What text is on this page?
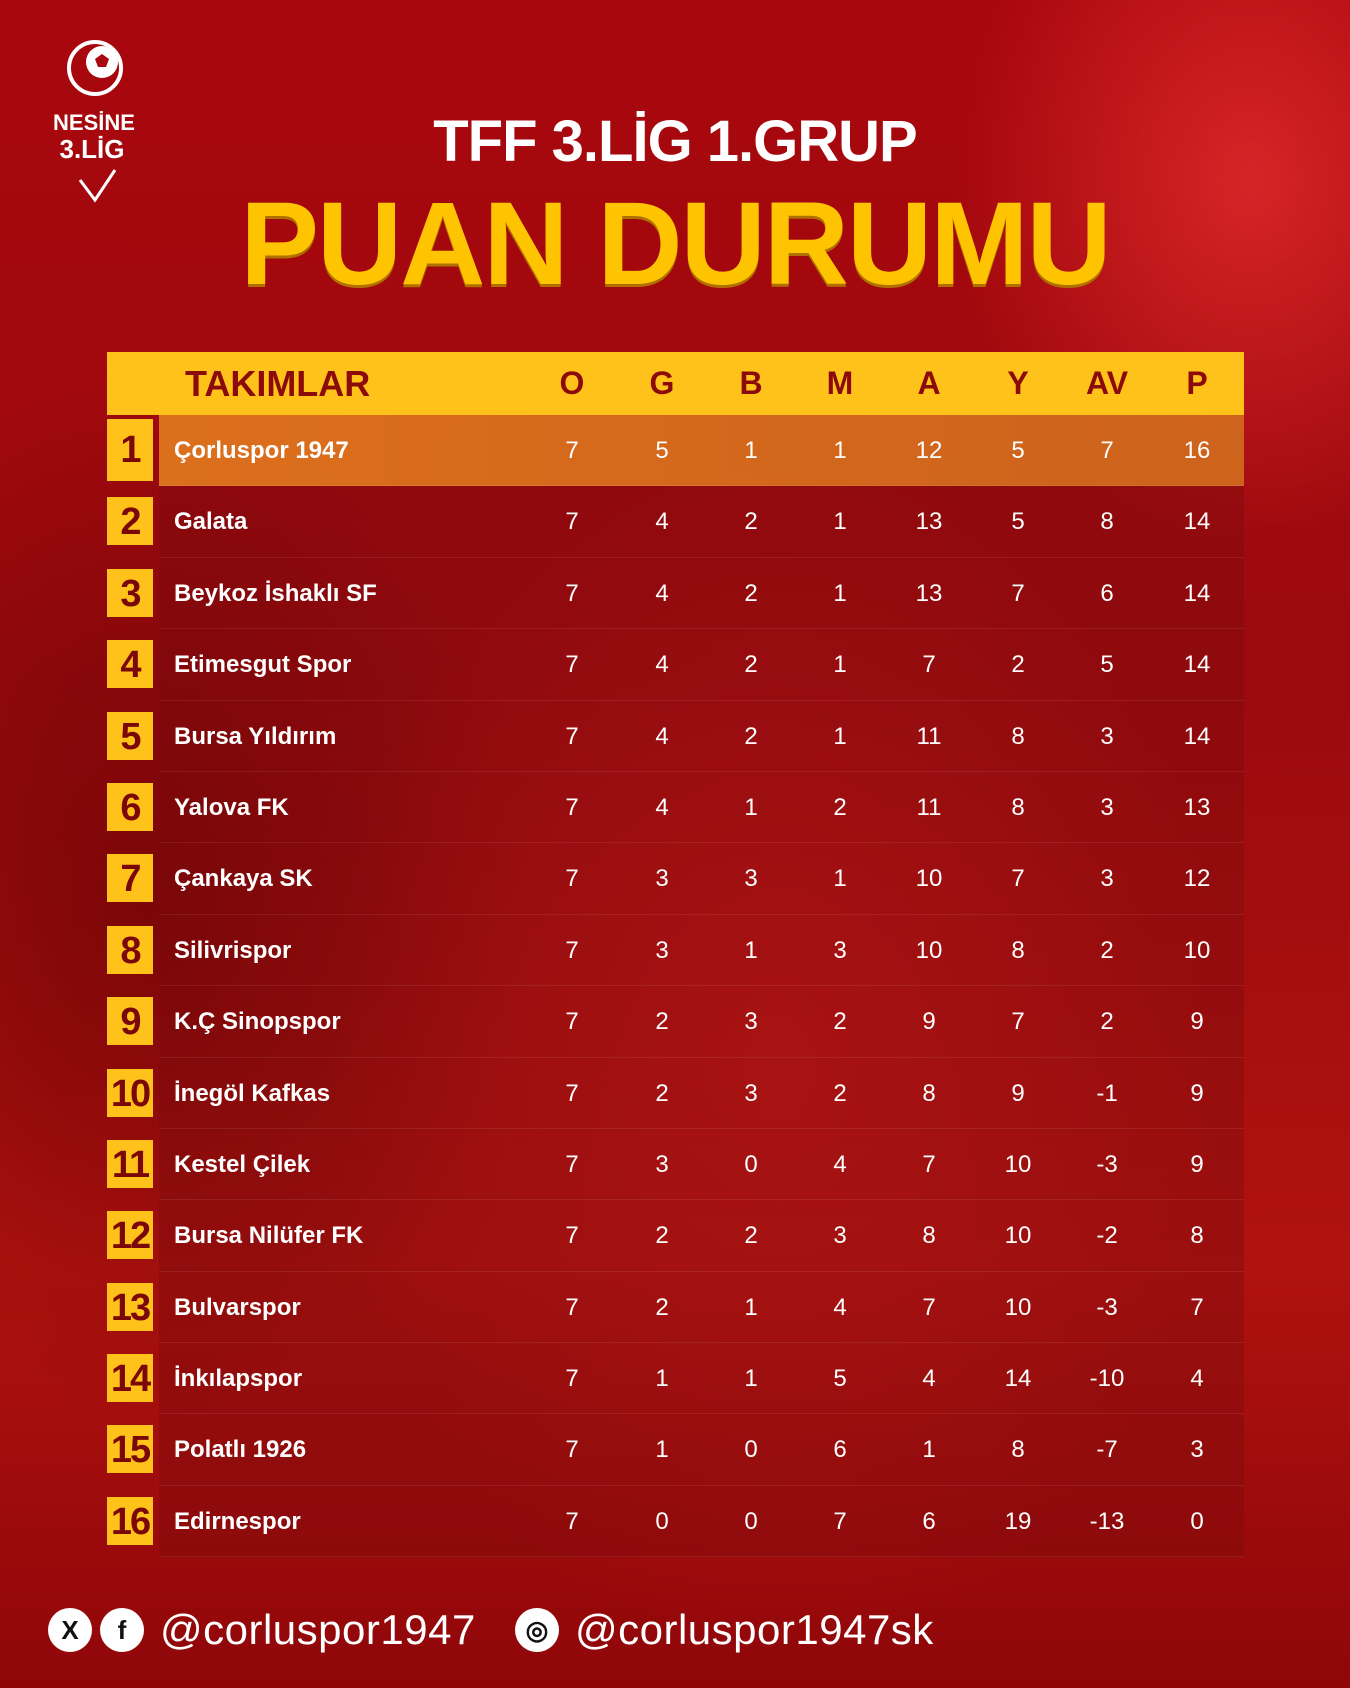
NESİNE
3.LİG	TFF 3.LİG 1.GRUP
PUAN DURUMU
TAKIMLAR	O	G	B	M	A	Y	AV	P
1	Çorluspor 1947	7	5	1	1	12	5	7	16
2	Galata	7	4	2	1	13	5	8	14
3	Beykoz İshaklı SF	7	4	2	1	13	7	6	14
4	Etimesgut Spor	7	4	2	1	7	2	5	14
5	Bursa Yıldırım	7	4	2	1	11	8	3	14
6	Yalova FK	7	4	1	2	11	8	3	13
7	Çankaya SK	7	3	3	1	10	7	3	12
8	Silivrispor	7	3	1	3	10	8	2	10
9	K.Ç Sinopspor	7	2	3	2	9	7	2	9
10 İnegöl Kafkas	7	2	3	2	8	9	-1	9
11 Kestel Çilek	7	3	0	4	7	10	-3	9
12 Bursa Nilüfer FK	7	2	2	3	8	10	-2	8
13 Bulvarspor	7	2	1	4	7	10	-3	7
14 İnkılapspor	7	1	1	5	4	14	-10	4
15 Polatlı 1926	7	1	0	6	1	8	-7	3
16 Edirnespor	7	0	0	7	6	19	-13	0
X	f @corluspor1947	◎ @corluspor1947sk
